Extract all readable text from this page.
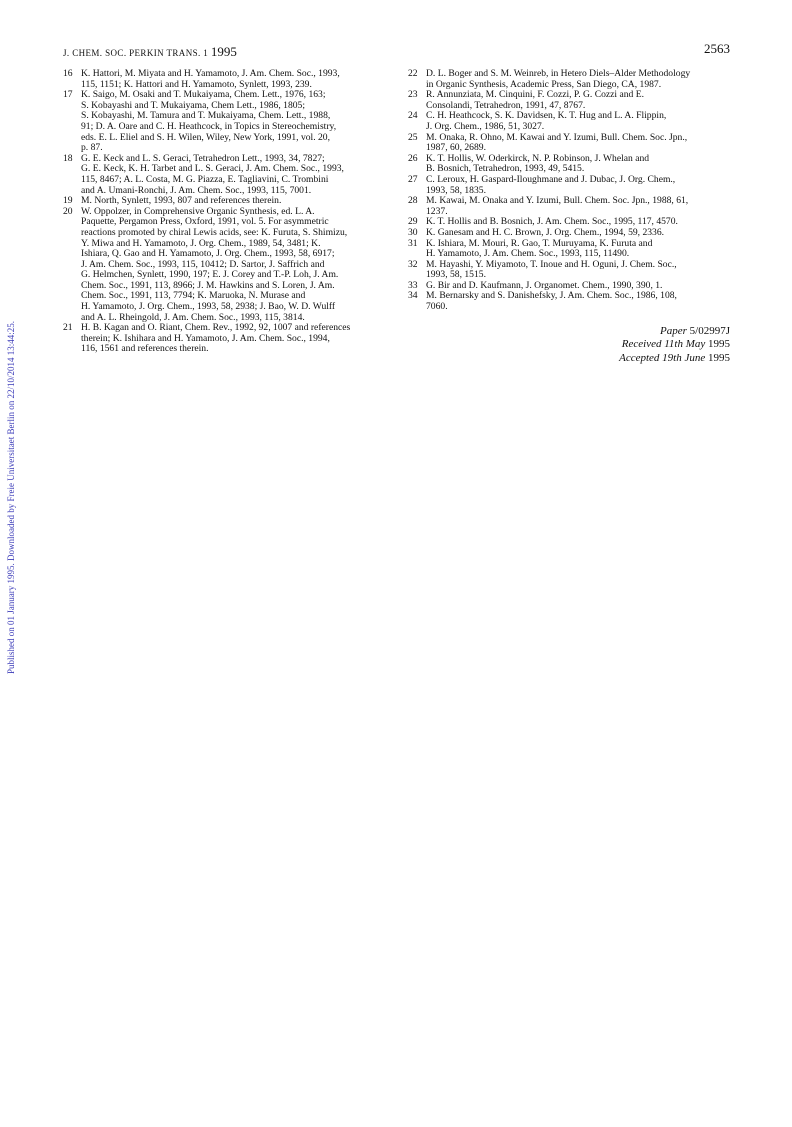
J. CHEM. SOC. PERKIN TRANS. 1 1995	2563
Published on 01 January 1995. Downloaded by Freie Universitaet Berlin on 22/10/2014 13:44:25.
16 K. Hattori, M. Miyata and H. Yamamoto, J. Am. Chem. Soc., 1993,
115, 1151; K. Hattori and H. Yamamoto, Synlett, 1993, 239.
17 K. Saigo, M. Osaki and T. Mukaiyama, Chem. Lett., 1976, 163;
S. Kobayashi and T. Mukaiyama, Chem Lett., 1986, 1805;
S. Kobayashi, M. Tamura and T. Mukaiyama, Chem. Lett., 1988,
91; D. A. Oare and C. H. Heathcock, in Topics in Stereochemistry,
eds. E. L. Eliel and S. H. Wilen, Wiley, New York, 1991, vol. 20,
p. 87.
18 G. E. Keck and L. S. Geraci, Tetrahedron Lett., 1993, 34, 7827;
G. E. Keck, K. H. Tarbet and L. S. Geraci, J. Am. Chem. Soc., 1993,
115, 8467; A. L. Costa, M. G. Piazza, E. Tagliavini, C. Trombini
and A. Umani-Ronchi, J. Am. Chem. Soc., 1993, 115, 7001.
19 M. North, Synlett, 1993, 807 and references therein.
20 W. Oppolzer, in Comprehensive Organic Synthesis, ed. L. A.
Paquette, Pergamon Press, Oxford, 1991, vol. 5. For asymmetric
reactions promoted by chiral Lewis acids, see: K. Furuta, S. Shimizu,
Y. Miwa and H. Yamamoto, J. Org. Chem., 1989, 54, 3481; K.
Ishiara, Q. Gao and H. Yamamoto, J. Org. Chem., 1993, 58, 6917;
J. Am. Chem. Soc., 1993, 115, 10412; D. Sartor, J. Saffrich and
G. Helmchen, Synlett, 1990, 197; E. J. Corey and T.-P. Loh, J. Am.
Chem. Soc., 1991, 113, 8966; J. M. Hawkins and S. Loren, J. Am.
Chem. Soc., 1991, 113, 7794; K. Maruoka, N. Murase and
H. Yamamoto, J. Org. Chem., 1993, 58, 2938; J. Bao, W. D. Wulff
and A. L. Rheingold, J. Am. Chem. Soc., 1993, 115, 3814.
21 H. B. Kagan and O. Riant, Chem. Rev., 1992, 92, 1007 and references
therein; K. Ishihara and H. Yamamoto, J. Am. Chem. Soc., 1994,
116, 1561 and references therein.
22 D. L. Boger and S. M. Weinreb, in Hetero Diels–Alder Methodology
in Organic Synthesis, Academic Press, San Diego, CA, 1987.
23 R. Annunziata, M. Cinquini, F. Cozzi, P. G. Cozzi and E.
Consolandi, Tetrahedron, 1991, 47, 8767.
24 C. H. Heathcock, S. K. Davidsen, K. T. Hug and L. A. Flippin,
J. Org. Chem., 1986, 51, 3027.
25 M. Onaka, R. Ohno, M. Kawai and Y. Izumi, Bull. Chem. Soc. Jpn.,
1987, 60, 2689.
26 K. T. Hollis, W. Oderkirck, N. P. Robinson, J. Whelan and
B. Bosnich, Tetrahedron, 1993, 49, 5415.
27 C. Leroux, H. Gaspard-Iloughmane and J. Dubac, J. Org. Chem.,
1993, 58, 1835.
28 M. Kawai, M. Onaka and Y. Izumi, Bull. Chem. Soc. Jpn., 1988, 61,
1237.
29 K. T. Hollis and B. Bosnich, J. Am. Chem. Soc., 1995, 117, 4570.
30 K. Ganesam and H. C. Brown, J. Org. Chem., 1994, 59, 2336.
31 K. Ishiara, M. Mouri, R. Gao, T. Muruyama, K. Furuta and
H. Yamamoto, J. Am. Chem. Soc., 1993, 115, 11490.
32 M. Hayashi, Y. Miyamoto, T. Inoue and H. Oguni, J. Chem. Soc.,
1993, 58, 1515.
33 G. Bir and D. Kaufmann, J. Organomet. Chem., 1990, 390, 1.
34 M. Bernarsky and S. Danishefsky, J. Am. Chem. Soc., 1986, 108,
7060.
Paper 5/02997J
Received 11th May 1995
Accepted 19th June 1995
